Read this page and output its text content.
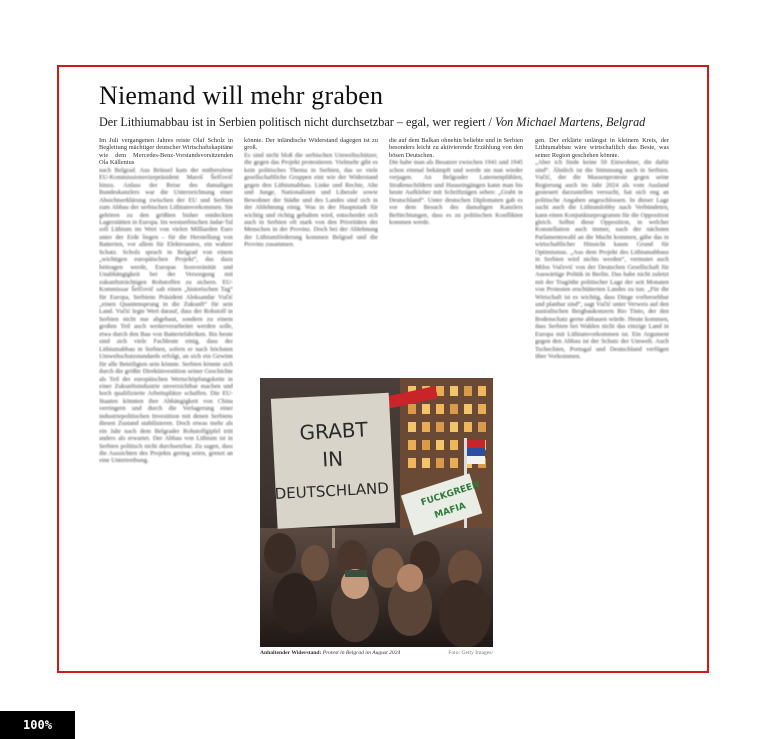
Niemand will mehr graben
Der Lithiumabbau ist in Serbien politisch nicht durchsetzbar – egal, wer regiert / Von Michael Martens, Belgrad

Im Juli vergangenen Jahres reiste Olaf Scholz in Begleitung mächtiger deutscher Wirtschaftskapitäne wie dem Mercedes-Benz-Vorstandsvorsitzenden Ola Källenius

nach Belgrad. Aus Brüssel kam der mitberufene EU-Kommissionsvizepräsident Maroš Šefčovič hinzu. Anlass der Reise des damaligen Bundeskanzlers war die Unterzeichnung einer Absichtserklärung zwischen der EU und Serbien zum Abbau der serbischen Lithiumvorkommen. Sie gehören zu den größten bisher entdeckten Lagerstätten in Europa. Im westserbischen Jadar-Tal soll Lithium im Wert von vielen Milliarden Euro unter der Erde liegen – für die Herstellung von Batterien, vor allem für Elektroautos, ein wahrer Schatz. Scholz sprach in Belgrad von einem „wichtigen europäischen Projekt“, das dazu beitragen werde, Europas Souveränität und Unabhängigkeit bei der Versorgung mit zukunftsträchtigen Rohstoffen zu sichern. EU-Kommissar Šefčovič sah einen „historischen Tag“ für Europa, Serbiens Präsident Aleksandar Vučić „einen Quantensprung in die Zukunft“ für sein Land. Vučić legte Wert darauf, dass der Rohstoff in Serbien nicht nur abgebaut, sondern zu einem großen Teil auch weiterverarbeitet werden solle, etwa durch den Bau von Batteriefabriken. Bis heute sind sich viele Fachleute einig, dass der Lithiumabbau in Serbien, sofern er nach höchsten Umweltschutzstandards erfolgt, an sich ein Gewinn für alle Beteiligten sein könnte. Serbien könnte sich durch die größte Direktinvestition seiner Geschichte als Teil der europäischen Wertschöpfungskette in einer Zukunftsindustrie unverzichtbar machen und hoch qualifizierte Arbeitsplätze schaffen. Die EU-Staaten könnten ihre Abhängigkeit von China verringern und durch die Verlagerung einer industriepolitischen Investition mit denen Serbiens diesen Zustand stabilisieren. Doch etwas mehr als ein Jahr nach dem Belgrader Rohstoffgipfel tritt anders als erwartet. Der Abbau von Lithium ist in Serbien politisch nicht durchsetzbar. Zu sagen, dass die Aussichten des Projekts gering seien, grenzt an eine Untertreibung.

könnte. Der inländische Widerstand dagegen ist zu groß.

Es sind nicht bloß die serbischen Umweltschützer, die gegen das Projekt protestieren. Vielmehr gibt es kein politisches Thema in Serbien, das so viele gesellschaftliche Gruppen eint wie der Widerstand gegen den Lithiumabbau. Linke und Rechte, Alte und Junge, Nationalisten und Liberale sowie Bewohner der Städte und des Landes sind sich in der Ablehnung einig. Was in der Hauptstadt für wichtig und richtig gehalten wird, entscheidet sich auch in Serbien oft stark von den Prioritäten der Menschen in der Provinz. Doch bei der Ablehnung der Lithiumförderung kommen Belgrad und die Provinz zusammen.

die auf dem Balkan ohnehin beliebte und in Serbien besonders leicht zu aktivierende Erzählung von den bösen Deutschen.

Die habe man als Besatzer zwischen 1941 und 1945 schon einmal bekämpft und werde sie nun wieder verjagen. An Belgrader Laternenpfählen, Straßenschildern und Hauseingängen kann man bis heute Aufkleber mit Schriftzügen sehen: „Grabt in Deutschland“. Unter deutschen Diplomaten gab es vor dem Besuch des damaligen Kanzlers Befürchtungen, dass es zu politischen Konflikten kommen werde.

gen. Der erklärte unlängst in kleinem Kreis, der Lithiumabbau wäre wirtschaftlich das Beste, was seiner Region geschehen könnte.

„Aber ich finde keine 50 Einwohner, die dafür sind“. Ähnlich ist die Stimmung auch in Serbien. Vučić, der die Massenproteste gegen seine Regierung auch im Jahr 2024 als vom Ausland gesteuert darzustellen versucht, hat sich eng an politische Angaben angeschlossen. In dieser Lage sucht auch die Lithiumlobby nach Verbündeten, kann einen Konjunkturprogramm für die Opposition gleich. Selbst diese Opposition, in welcher Konstellation auch immer, nach der nächsten Parlamentswahl an die Macht kommen, gäbe das in wirtschaftlicher Hinsicht kaum Grund für Optimismus. „Aus dem Projekt des Lithiumabbaus in Serbien wird nichts werden“, vermutet auch Milos Vučević von der Deutschen Gesellschaft für Auswärtige Politik in Berlin. Das habe nicht zuletzt mit der Tragödie politischer Lage der seit Monaten von Protesten erschütterten Landes zu tun. „Für die Wirtschaft ist es wichtig, dass Dinge vorhersehbar und planbar sind“, sagt Vučić unter Verweis auf den australischen Bergbaukonzern Rio Tinto, der den Bodenschatz gerne abbauen würde. Heute kommen, dass Serbien bei Wahlen nicht das einzige Land in Europa mit Lithiumvorkommen ist. Ein Argument gegen den Abbau ist der Schutz der Umwelt. Auch Tschechien, Portugal und Deutschland verfügen über Vorkommen.

GRABT
IN
DEUTSCHLAND	FUCK
GREEN
MAFIA
Anhaltender Widerstand: Protest in Belgrad im August 2024	Foto: Getty Images/
100%
